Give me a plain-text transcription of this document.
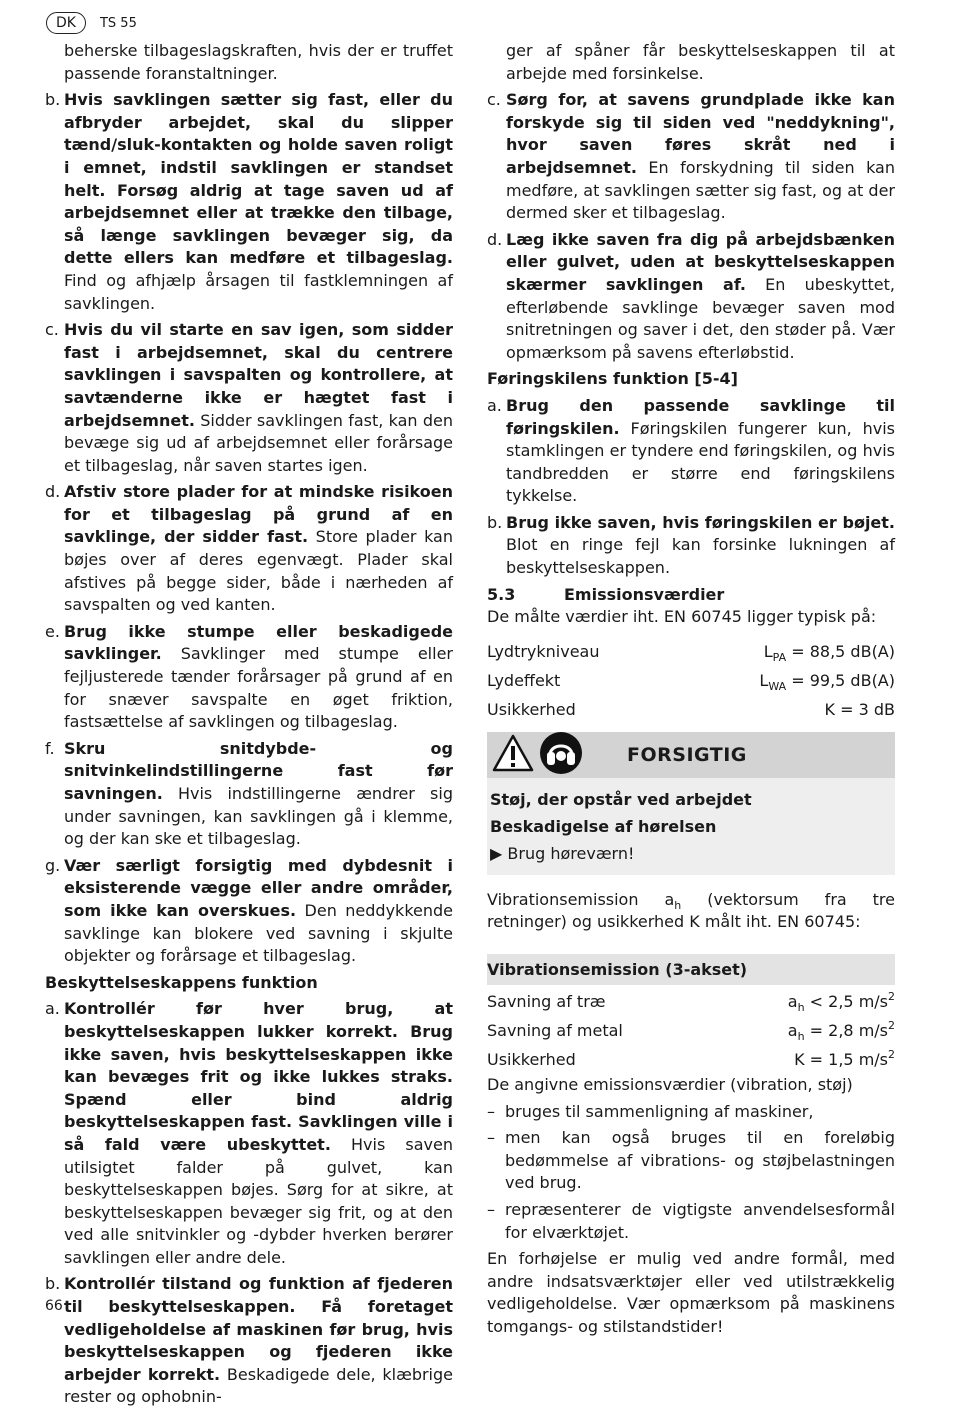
DK	TS 55
beherske tilbageslagskraften, hvis der er truffet passende foranstaltninger.
b. Hvis savklingen sætter sig fast, eller du afbryder arbejdet, skal du slipper tænd/sluk-kontakten og holde saven roligt i emnet, indstil savklingen er standset helt. Forsøg aldrig at tage saven ud af arbejdsemnet eller at trække den tilbage, så længe savklingen bevæger sig, da dette ellers kan medføre et tilbageslag. Find og afhjælp årsagen til fastklemningen af savklingen.
c. Hvis du vil starte en sav igen, som sidder fast i arbejdsemnet, skal du centrere savklingen i savspalten og kontrollere, at savtænderne ikke er hægtet fast i arbejdsemnet. Sidder savklingen fast, kan den bevæge sig ud af arbejdsemnet eller forårsage et tilbageslag, når saven startes igen.
d. Afstiv store plader for at mindske risikoen for et tilbageslag på grund af en savklinge, der sidder fast. Store plader kan bøjes over af deres egenvægt. Plader skal afstives på begge sider, både i nærheden af savspalten og ved kanten.
e. Brug ikke stumpe eller beskadigede savklinger. Savklinger med stumpe eller fejljusterede tænder forårsager på grund af en for snæver savspalte en øget friktion, fastsættelse af savklingen og tilbageslag.
f. Skru snitdybde- og snitvinkelindstillingerne fast før savningen. Hvis indstillingerne ændrer sig under savningen, kan savklingen gå i klemme, og der kan ske et tilbageslag.
g. Vær særligt forsigtig med dybdesnit i eksisterende vægge eller andre områder, som ikke kan overskues. Den neddykkende savklinge kan blokere ved savning i skjulte objekter og forårsage et tilbageslag.
Beskyttelseskappens funktion
a. Kontrollér før hver brug, at beskyttelseskappen lukker korrekt. Brug ikke saven, hvis beskyttelseskappen ikke kan bevæges frit og ikke lukkes straks. Spænd eller bind aldrig beskyttelseskappen fast. Savklingen ville i så fald være ubeskyttet. Hvis saven utilsigtet falder på gulvet, kan beskyttelseskappen bøjes. Sørg for at sikre, at beskyttelseskappen bevæger sig frit, og at den ved alle snitvinkler og -dybder hverken berører savklingen eller andre dele.
b. Kontrollér tilstand og funktion af fjederen til beskyttelseskappen. Få foretaget vedligeholdelse af maskinen før brug, hvis beskyttelseskappen og fjederen ikke arbejder korrekt. Beskadigede dele, klæbrige rester og ophobnin-
ger af spåner får beskyttelseskappen til at arbejde med forsinkelse.
c. Sørg for, at savens grundplade ikke kan forskyde sig til siden ved "neddykning", hvor saven føres skråt ned i arbejdsemnet. En forskydning til siden kan medføre, at savklingen sætter sig fast, og at der dermed sker et tilbageslag.
d. Læg ikke saven fra dig på arbejdsbænken eller gulvet, uden at beskyttelseskappen skærmer savklingen af. En ubeskyttet, efterløbende savklinge bevæger saven mod snitretningen og saver i det, den støder på. Vær opmærksom på savens efterløbstid.
Føringskilens funktion [5-4]
a. Brug den passende savklinge til føringskilen. Føringskilen fungerer kun, hvis stamklingen er tyndere end føringskilen, og hvis tandbredden er større end føringskilens tykkelse.
b. Brug ikke saven, hvis føringskilen er bøjet. Blot en ringe fejl kan forsinke lukningen af beskyttelseskappen.
5.3	Emissionsværdier
De målte værdier iht. EN 60745 ligger typisk på:
Lydtrykniveau	$L_{PA} = 88,5$ dB(A)
Lydeffekt	$L_{WA} = 99,5$ dB(A)
Usikkerhed	K = 3 dB
FORSIGTIG
Støj, der opstår ved arbejdet
Beskadigelse af hørelsen
▶ Brug høreværn!
Vibrationsemission $a_h$ (vektorsum fra tre retninger) og usikkerhed K målt iht. EN 60745:
Vibrationsemission (3-akset)
Savning af træ	$a_h < 2,5$ $m/s^2$
Savning af metal	$a_h = 2,8$ $m/s^2$
Usikkerhed	K = 1,5 $m/s^2$
De angivne emissionsværdier (vibration, støj)
– bruges til sammenligning af maskiner,
– men kan også bruges til en foreløbig bedømmelse af vibrations- og støjbelastningen ved brug.
– repræsenterer de vigtigste anvendelsesformål for elværktøjet.
En forhøjelse er mulig ved andre formål, med andre indsatsværktøjer eller ved utilstrækkelig vedligeholdelse. Vær opmærksom på maskinens tomgangs- og stilstandstider!
66
